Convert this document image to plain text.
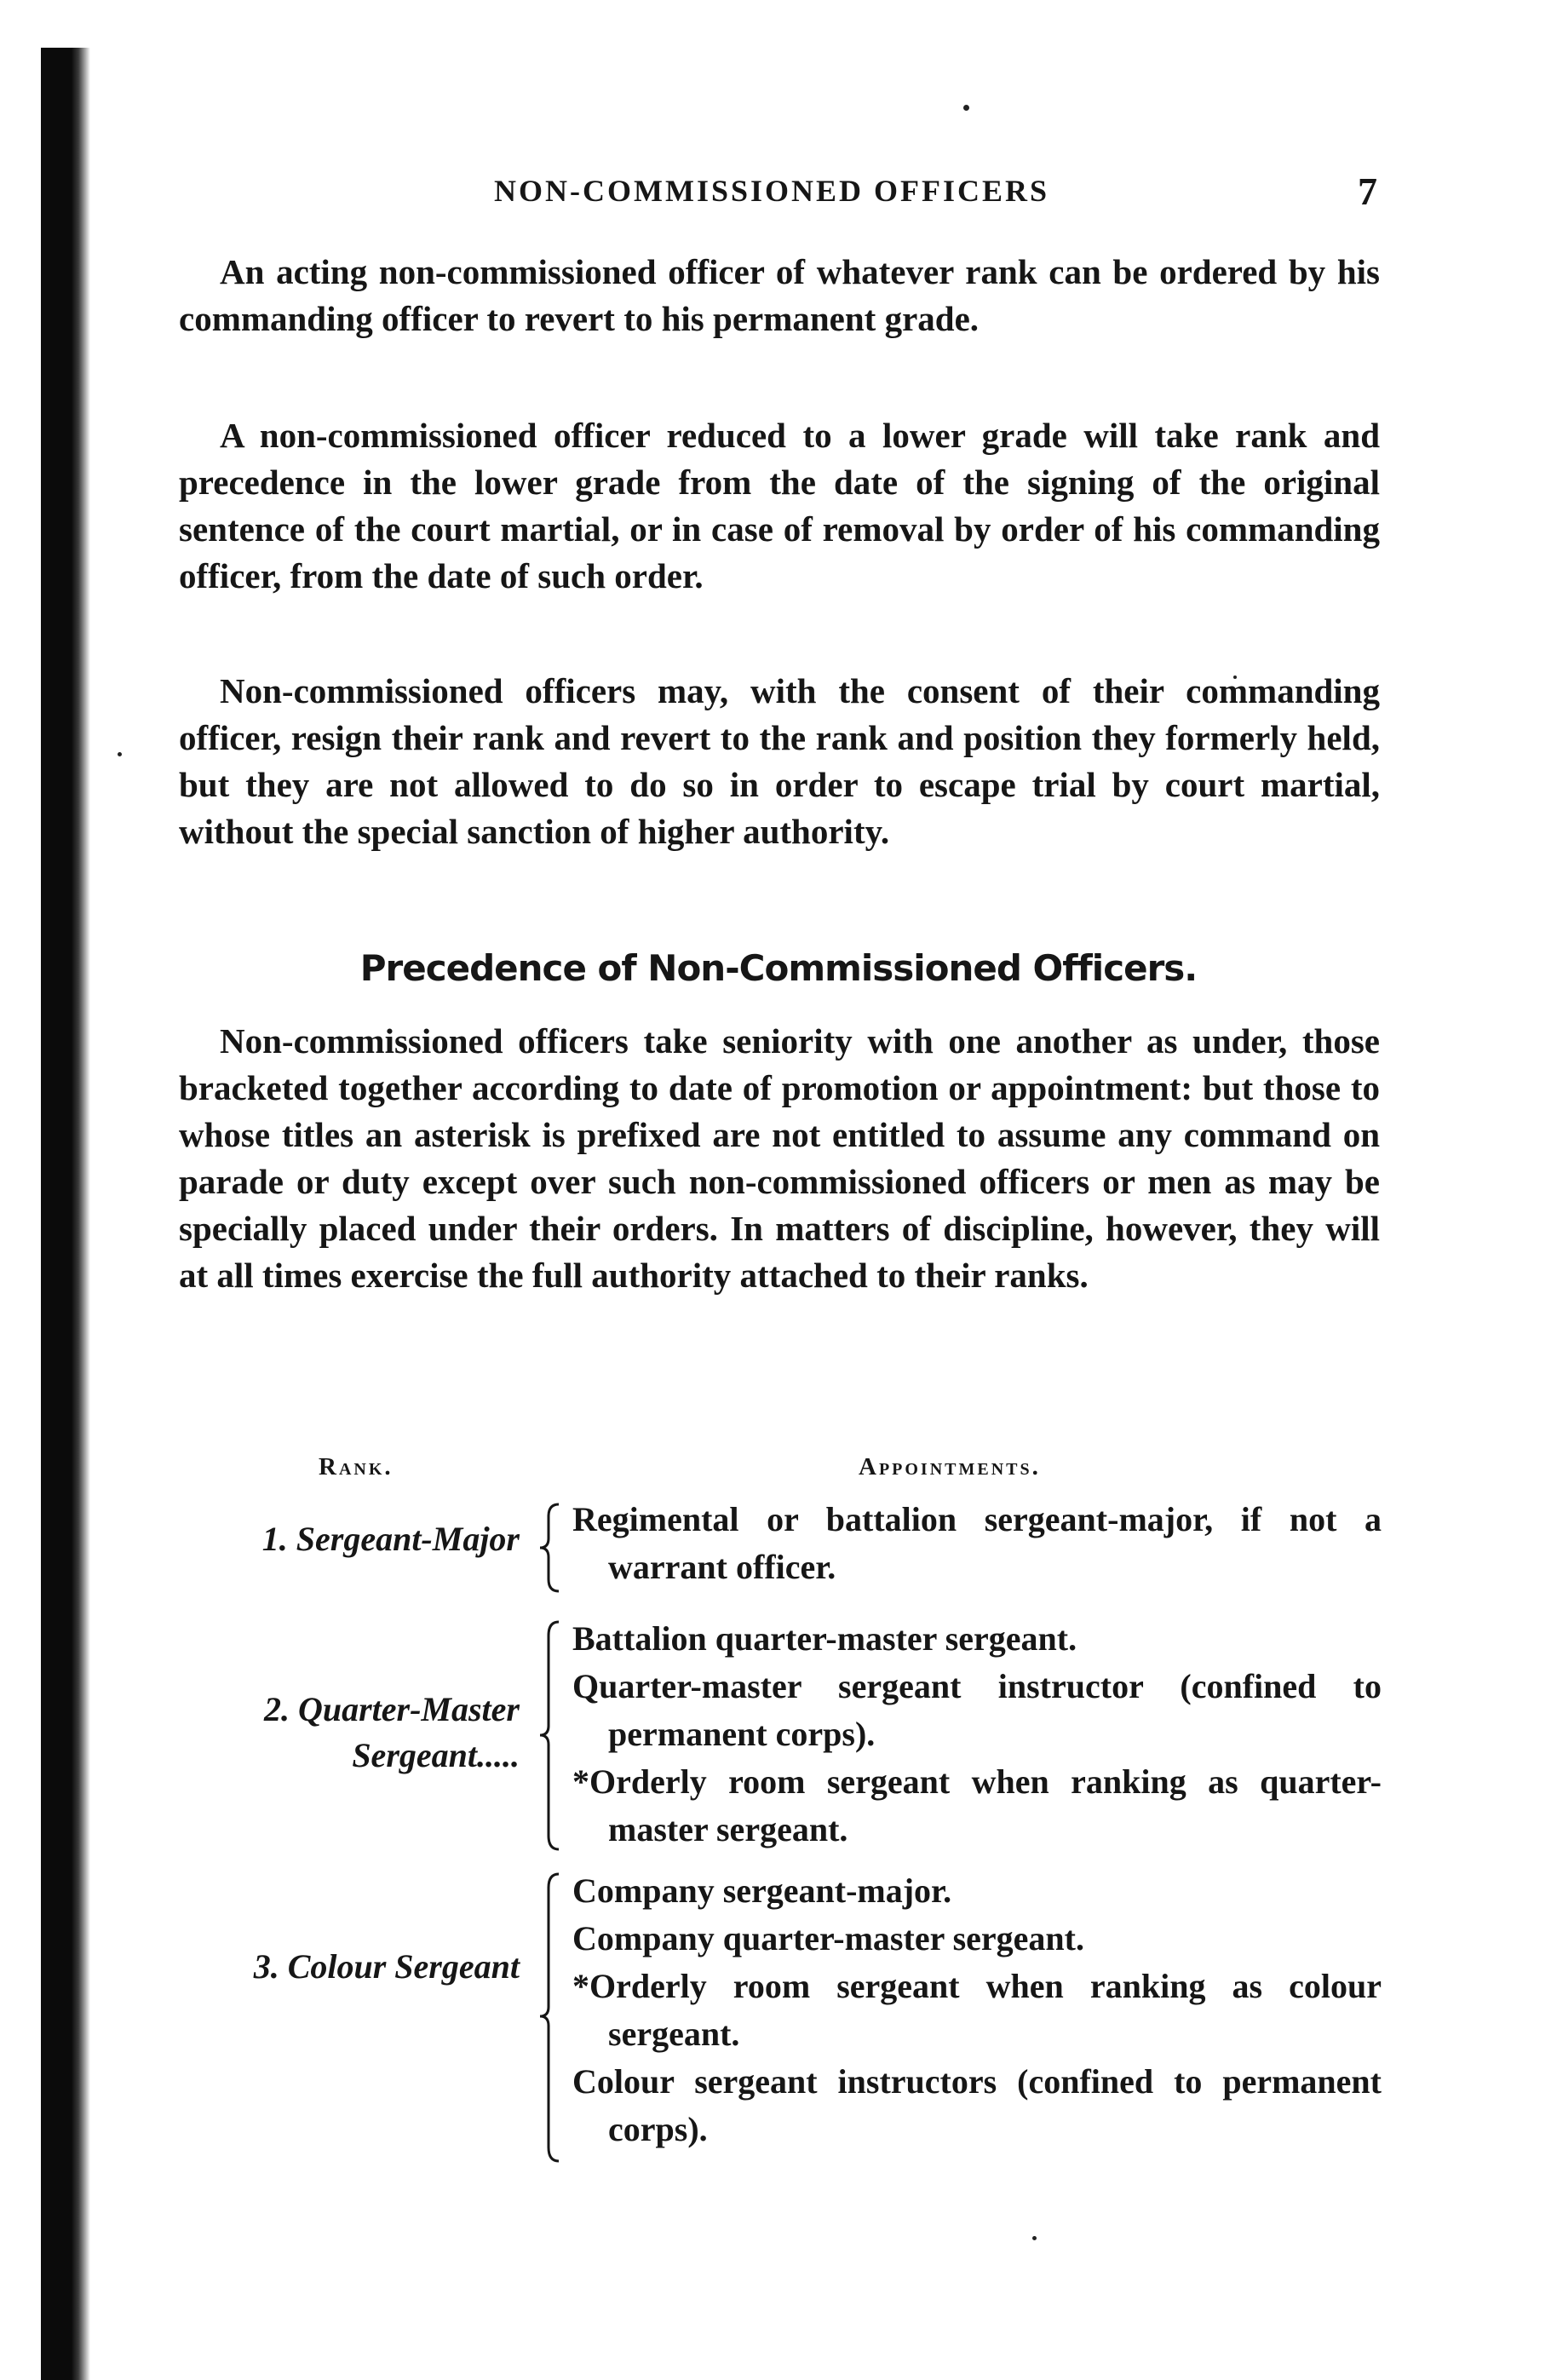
NON-COMMISSIONED OFFICERS	7

An acting non-commissioned officer of whatever rank can be ordered by his commanding officer to revert to his permanent grade.

A non-commissioned officer reduced to a lower grade will take rank and precedence in the lower grade from the date of the signing of the original sentence of the court martial, or in case of removal by order of his commanding officer, from the date of such order.

Non-commissioned officers may, with the consent of their commanding officer, resign their rank and revert to the rank and position they formerly held, but they are not allowed to do so in order to escape trial by court martial, without the special sanction of higher authority.

Precedence of Non-Commissioned Officers.

Non-commissioned officers take seniority with one another as under, those bracketed together according to date of promotion or appointment: but those to whose titles an asterisk is prefixed are not entitled to assume any command on parade or duty except over such non-commissioned officers or men as may be specially placed under their orders. In matters of discipline, however, they will at all times exercise the full authority attached to their ranks.

Rank.	Appointments.
1. Sergeant-Major
Regimental or battalion sergeant-major, if not a warrant officer.
2. Quarter-Master
Sergeant.....
Battalion quarter-master sergeant.
Quarter-master sergeant instructor (confined to permanent corps).
*Orderly room sergeant when ranking as quarter-master sergeant.
3. Colour Sergeant
Company sergeant-major.
Company quarter-master sergeant.
*Orderly room sergeant when ranking as colour sergeant.
Colour sergeant instructors (confined to permanent corps).
